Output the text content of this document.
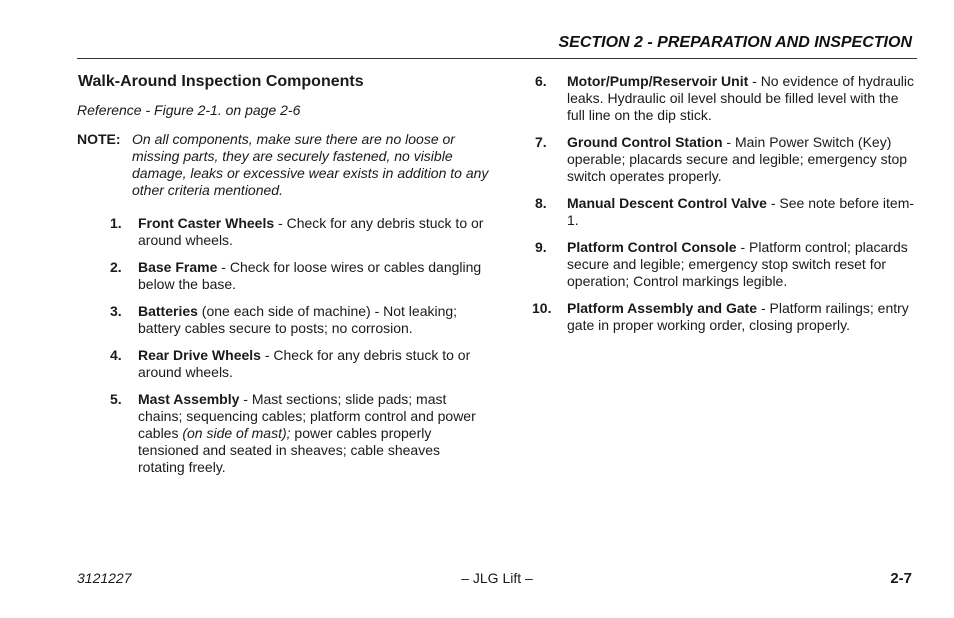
SECTION 2 - PREPARATION AND INSPECTION
Walk-Around Inspection Components
Reference - Figure 2-1. on page 2-6
NOTE: On all components, make sure there are no loose or missing parts, they are securely fastened, no visible damage, leaks or excessive wear exists in addition to any other criteria mentioned.
1.	Front Caster Wheels - Check for any debris stuck to or around wheels.
2.	Base Frame - Check for loose wires or cables dangling below the base.
3.	Batteries (one each side of machine) - Not leaking; battery cables secure to posts; no corrosion.
4.	Rear Drive Wheels - Check for any debris stuck to or around wheels.
5.	Mast Assembly - Mast sections; slide pads; mast chains; sequencing cables; platform control and power cables (on side of mast); power cables properly tensioned and seated in sheaves; cable sheaves rotating freely.
6.	Motor/Pump/Reservoir Unit - No evidence of hydraulic leaks. Hydraulic oil level should be filled level with the full line on the dip stick.
7.	Ground Control Station - Main Power Switch (Key) operable; placards secure and legible; emergency stop switch operates properly.
8.	Manual Descent Control Valve - See note before item-1.
9.	Platform Control Console - Platform control; placards secure and legible; emergency stop switch reset for operation; Control markings legible.
10.	Platform Assembly and Gate - Platform railings; entry gate in proper working order, closing properly.
– JLG Lift –
3121227	2-7
